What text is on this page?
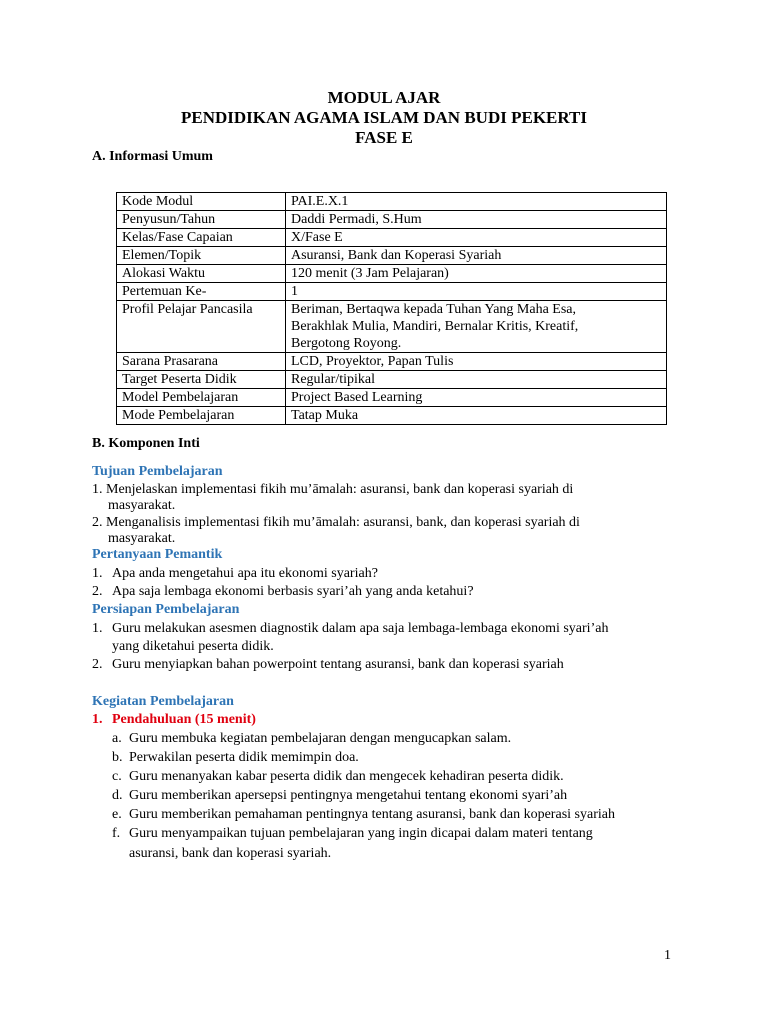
MODUL AJAR
PENDIDIKAN AGAMA ISLAM DAN BUDI PEKERTI
FASE E
A. Informasi Umum
Kode Modul	PAI.E.X.1
Penyusun/Tahun	Daddi Permadi, S.Hum
Kelas/Fase Capaian	X/Fase E
Elemen/Topik	Asuransi, Bank dan Koperasi Syariah
Alokasi Waktu	120 menit (3 Jam Pelajaran)
Pertemuan Ke-	1
Profil Pelajar Pancasila	Beriman, Bertaqwa kepada Tuhan Yang Maha Esa, Berakhlak Mulia, Mandiri, Bernalar Kritis, Kreatif, Bergotong Royong.
Sarana Prasarana	LCD, Proyektor, Papan Tulis
Target Peserta Didik	Regular/tipikal
Model Pembelajaran	Project Based Learning
Mode Pembelajaran	Tatap Muka
B. Komponen Inti
Tujuan Pembelajaran
1. Menjelaskan implementasi fikih mu’āmalah: asuransi, bank dan koperasi syariah di
masyarakat.
2. Menganalisis implementasi fikih mu’āmalah: asuransi, bank, dan koperasi syariah di
masyarakat.
Pertanyaan Pemantik
1. Apa anda mengetahui apa itu ekonomi syariah?
2. Apa saja lembaga ekonomi berbasis syari’ah yang anda ketahui?
Persiapan Pembelajaran
1. Guru melakukan asesmen diagnostik dalam apa saja lembaga-lembaga ekonomi syari’ah
yang diketahui peserta didik.
2. Guru menyiapkan bahan powerpoint tentang asuransi, bank dan koperasi syariah
Kegiatan Pembelajaran
1. Pendahuluan (15 menit)
a. Guru membuka kegiatan pembelajaran dengan mengucapkan salam.
b. Perwakilan peserta didik memimpin doa.
c. Guru menanyakan kabar peserta didik dan mengecek kehadiran peserta didik.
d. Guru memberikan apersepsi pentingnya mengetahui tentang ekonomi syari’ah
e. Guru memberikan pemahaman pentingnya tentang asuransi, bank dan koperasi syariah
f. Guru menyampaikan tujuan pembelajaran yang ingin dicapai dalam materi tentang
asuransi, bank dan koperasi syariah.
1
